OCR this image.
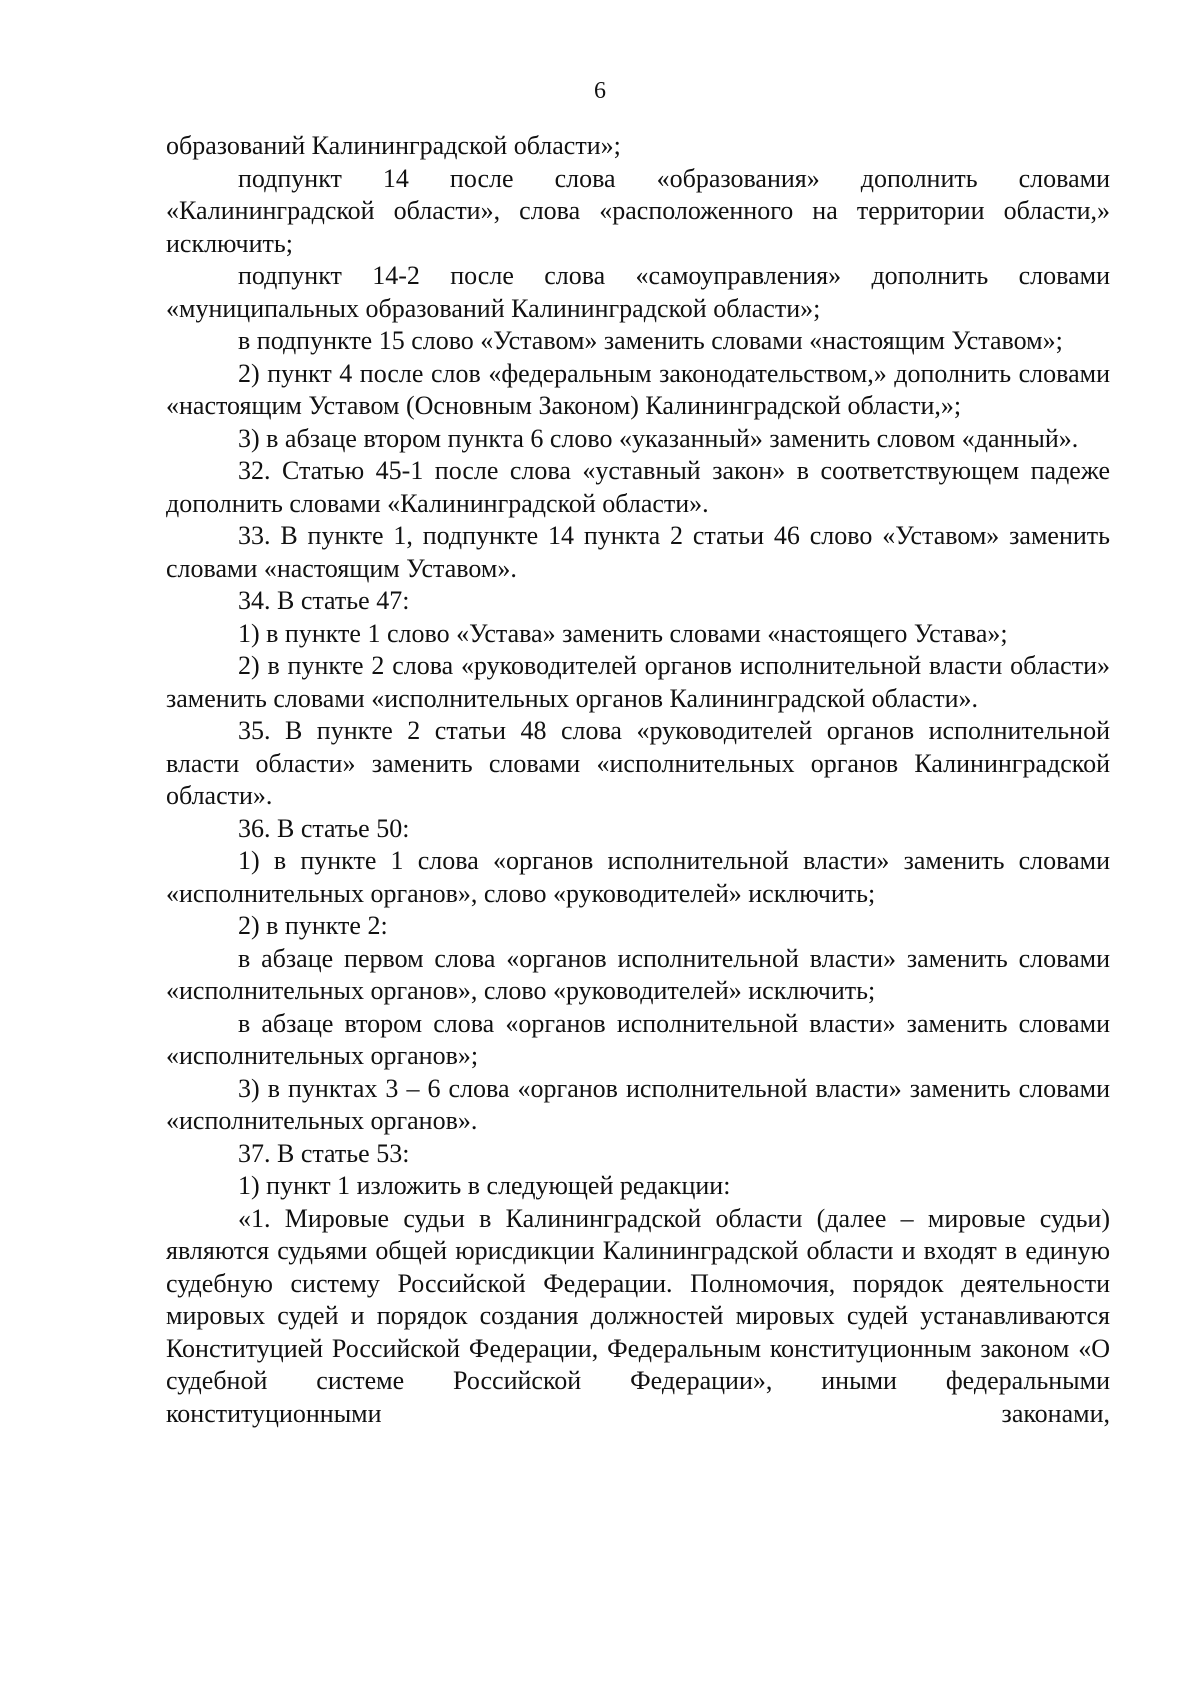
6

образований Калининградской области»;

подпункт 14 после слова «образования» дополнить словами «Калининградской области», слова «расположенного на территории области,» исключить;

подпункт 14-2 после слова «самоуправления» дополнить словами «муниципальных образований Калининградской области»;

в подпункте 15 слово «Уставом» заменить словами «настоящим Уставом»;

2) пункт 4 после слов «федеральным законодательством,» дополнить словами «настоящим Уставом (Основным Законом) Калининградской области,»;

3) в абзаце втором пункта 6 слово «указанный» заменить словом «данный».

32. Статью 45-1 после слова «уставный закон» в соответствующем падеже дополнить словами «Калининградской области».

33. В пункте 1, подпункте 14 пункта 2 статьи 46 слово «Уставом» заменить словами «настоящим Уставом».

34. В статье 47:

1) в пункте 1 слово «Устава» заменить словами «настоящего Устава»;

2) в пункте 2 слова «руководителей органов исполнительной власти области» заменить словами «исполнительных органов Калининградской области».

35. В пункте 2 статьи 48 слова «руководителей органов исполнительной власти области» заменить словами «исполнительных органов Калининградской области».

36. В статье 50:

1) в пункте 1 слова «органов исполнительной власти» заменить словами «исполнительных органов», слово «руководителей» исключить;

2) в пункте 2:

в абзаце первом слова «органов исполнительной власти» заменить словами «исполнительных органов», слово «руководителей» исключить;

в абзаце втором слова «органов исполнительной власти» заменить словами «исполнительных органов»;

3) в пунктах 3 – 6 слова «органов исполнительной власти» заменить словами «исполнительных органов».

37. В статье 53:

1) пункт 1 изложить в следующей редакции:

«1. Мировые судьи в Калининградской области (далее – мировые судьи) являются судьями общей юрисдикции Калининградской области и входят в единую судебную систему Российской Федерации. Полномочия, порядок деятельности мировых судей и порядок создания должностей мировых судей устанавливаются Конституцией Российской Федерации, Федеральным конституционным законом «О судебной системе Российской Федерации», иными федеральными конституционными законами,
